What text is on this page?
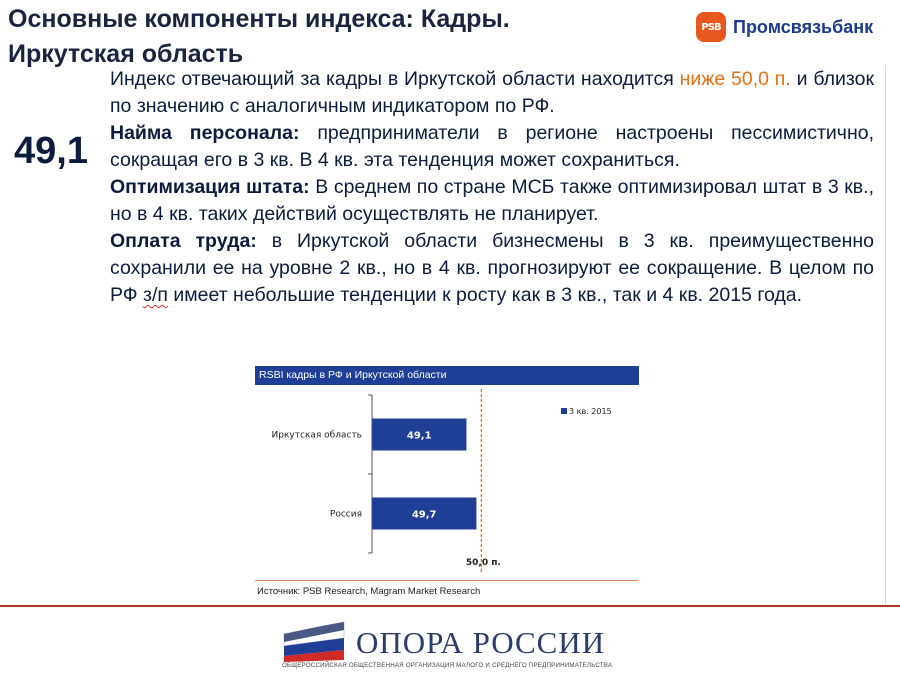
Основные компоненты индекса: Кадры.
Иркутская область
PSB Промсвязьбанк
49,1

Индекс отвечающий за кадры в Иркутской области находится ниже 50,0 п. и близок по значению с аналогичным индикатором по РФ.

Найма персонала: предприниматели в регионе настроены пессимистично, сокращая его в 3 кв. В 4 кв. эта тенденция может сохраниться.

Оптимизация штата: В среднем по стране МСБ также оптимизировал штат в 3 кв., но в 4 кв. таких действий осуществлять не планирует.

Оплата труда: в Иркутской области бизнесмены в 3 кв. преимущественно сохранили ее на уровне 2 кв., но в 4 кв. прогнозируют ее сокращение. В целом по РФ з/п имеет небольшие тенденции к росту как в 3 кв., так и 4 кв. 2015 года.

RSBI кадры в РФ и Иркутской области
49,1
Иркутская область
49,7
Россия
50,0 п.
3 кв. 2015
Источник: PSB Research, Magram Market Research
ОПОРА РОССИИ
ОБЩЕРОССИЙСКАЯ ОБЩЕСТВЕННАЯ ОРГАНИЗАЦИЯ МАЛОГО И СРЕДНЕГО ПРЕДПРИНИМАТЕЛЬСТВА
